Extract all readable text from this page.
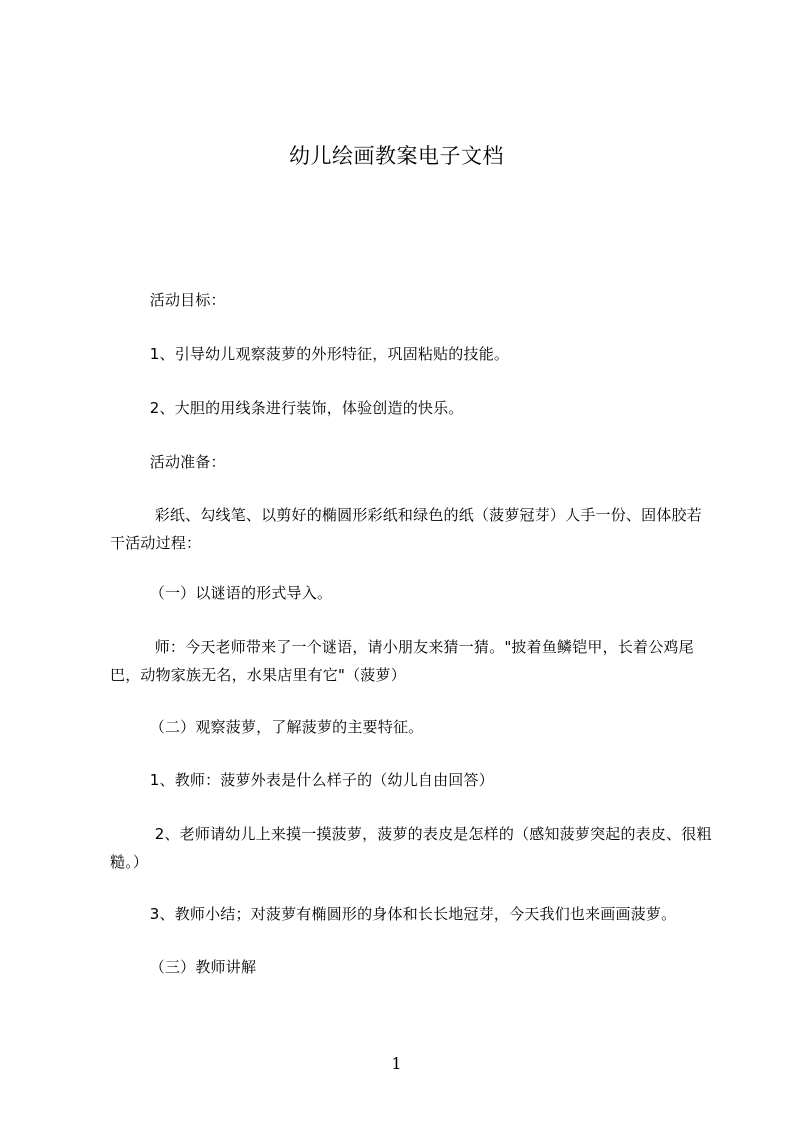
幼儿绘画教案电子文档
活动目标：
1、引导幼儿观察菠萝的外形特征，巩固粘贴的技能。
2、大胆的用线条进行装饰，体验创造的快乐。
活动准备：
彩纸、勾线笔、以剪好的椭圆形彩纸和绿色的纸（菠萝冠芽）人手一份、固体胶若干活动过程：
（一）以谜语的形式导入。
师：今天老师带来了一个谜语，请小朋友来猜一猜。"披着鱼鳞铠甲，长着公鸡尾巴，动物家族无名，水果店里有它"（菠萝）
（二）观察菠萝，了解菠萝的主要特征。
1、教师：菠萝外表是什么样子的（幼儿自由回答）
2、老师请幼儿上来摸一摸菠萝，菠萝的表皮是怎样的（感知菠萝突起的表皮、很粗糙。）
3、教师小结；对菠萝有椭圆形的身体和长长地冠芽，今天我们也来画画菠萝。
（三）教师讲解
1
